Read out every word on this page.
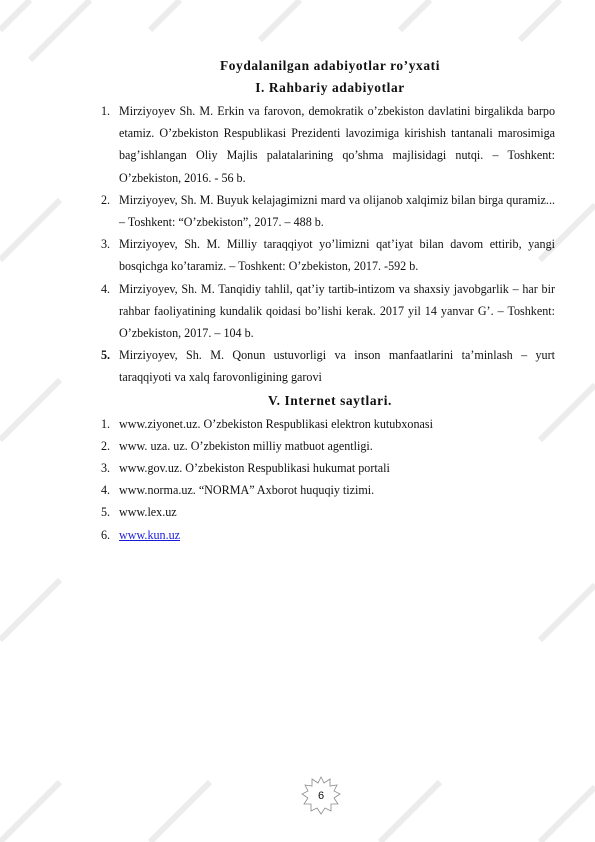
Foydalanilgan adabiyotlar ro’yxati
I. Rahbariy adabiyotlar
1. Mirziyoyev Sh. M. Erkin va farovon, demokratik o’zbekiston davlatini birgalikda barpo etamiz. O’zbekiston Respublikasi Prezidenti lavozimiga kirishish tantanali marosimiga bag’ishlangan Oliy Majlis palatalarining qo’shma majlisidagi nutqi. – Toshkent: O’zbekiston, 2016. - 56 b.
2. Mirziyoyev, Sh. M. Buyuk kelajagimizni mard va olijanob xalqimiz bilan birga quramiz... – Toshkent: “O’zbekiston”, 2017. – 488 b.
3. Mirziyoyev, Sh. M. Milliy taraqqiyot yo’limizni qat’iyat bilan davom ettirib, yangi bosqichga ko’taramiz. – Toshkent: O’zbekiston, 2017. -592 b.
4. Mirziyoyev, Sh. M. Tanqidiy tahlil, qat’iy tartib-intizom va shaxsiy javobgarlik – har bir rahbar faoliyatining kundalik qoidasi bo’lishi kerak. 2017 yil 14 yanvar G’. – Toshkent: O’zbekiston, 2017. – 104 b.
5. Mirziyoyev, Sh. M. Qonun ustuvorligi va inson manfaatlarini ta’minlash – yurt taraqqiyoti va xalq farovonligining garovi
V. Internet saytlari.
1. www.ziyonet.uz. O’zbekiston Respublikasi elektron kutubxonasi
2. www. uza. uz. O’zbekiston milliy matbuot agentligi.
3. www.gov.uz. O’zbekiston Respublikasi hukumat portali
4. www.norma.uz. “NORMA” Axborot huquqiy tizimi.
5. www.lex.uz
6. www.kun.uz
6
